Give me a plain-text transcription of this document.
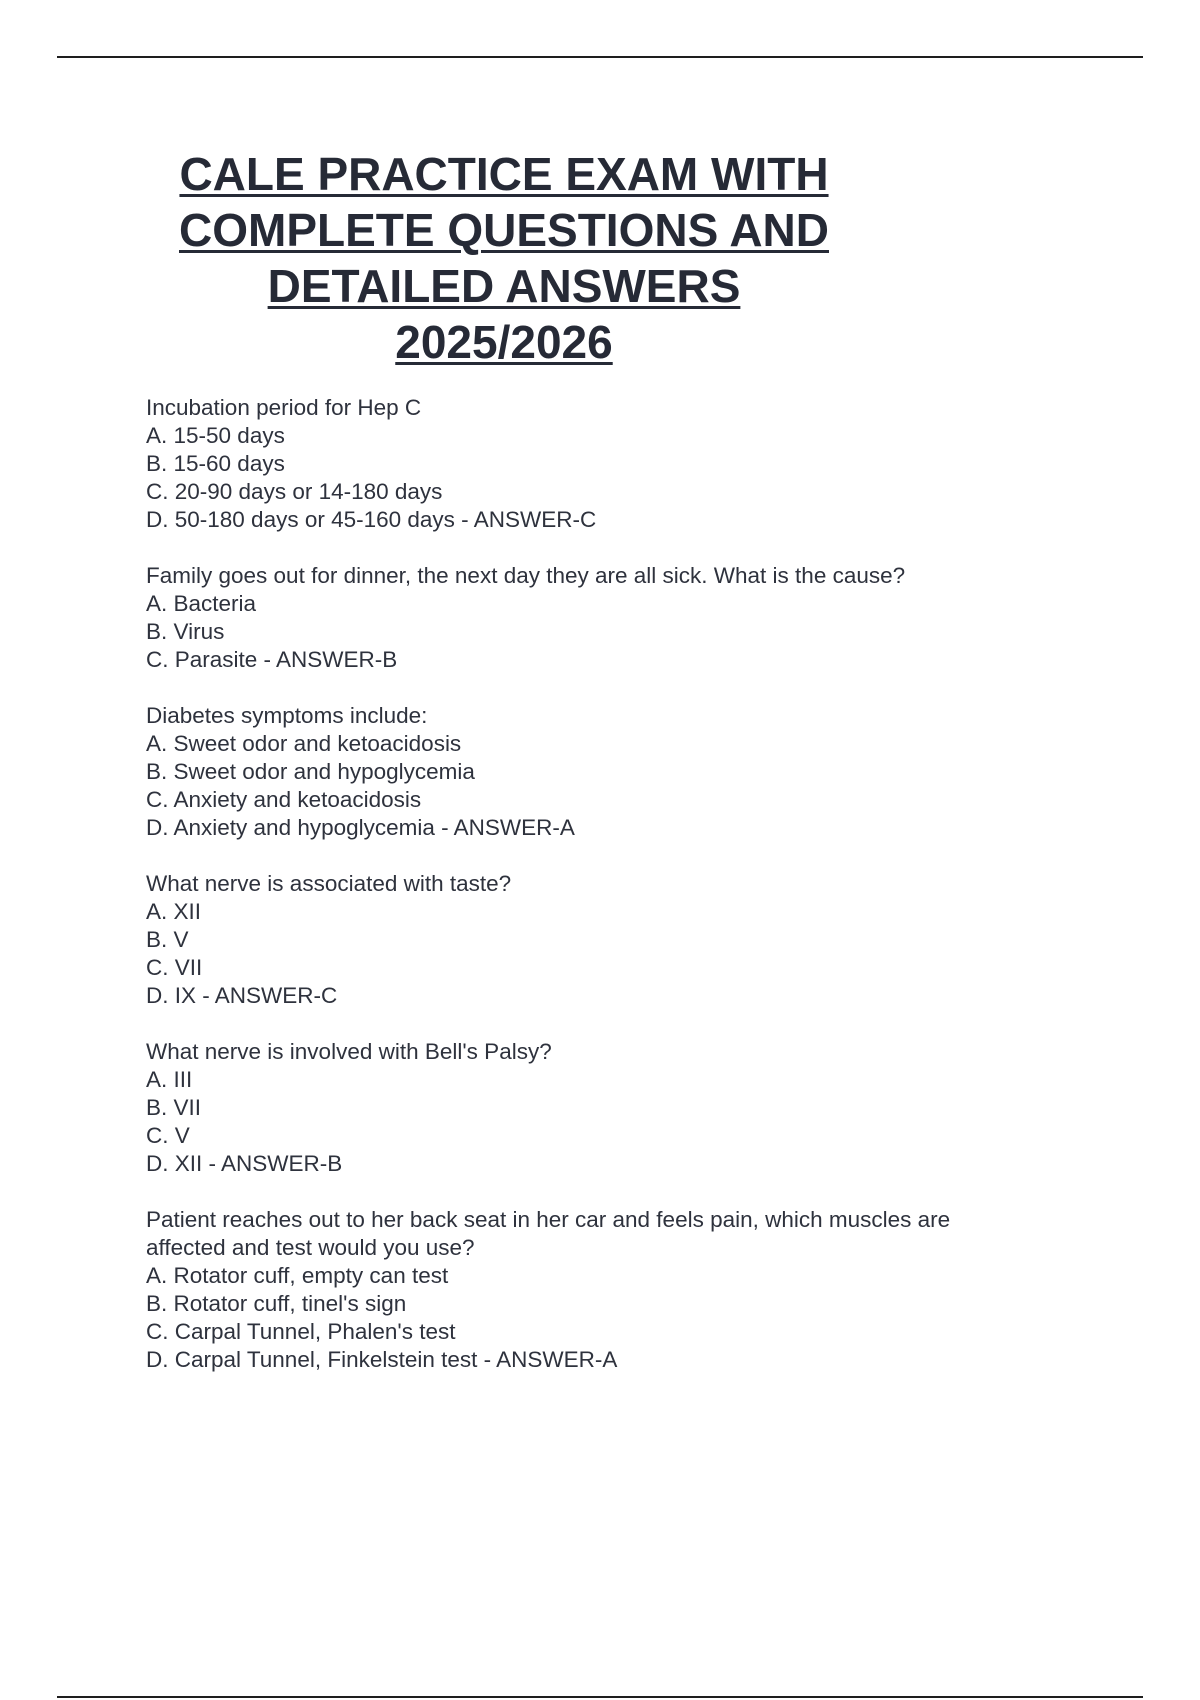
CALE PRACTICE EXAM WITH
COMPLETE QUESTIONS AND
DETAILED ANSWERS
2025/2026
Incubation period for Hep C
A. 15-50 days
B. 15-60 days
C. 20-90 days or 14-180 days
D. 50-180 days or 45-160 days - ANSWER-C
Family goes out for dinner, the next day they are all sick. What is the cause?
A. Bacteria
B. Virus
C. Parasite - ANSWER-B
Diabetes symptoms include:
A. Sweet odor and ketoacidosis
B. Sweet odor and hypoglycemia
C. Anxiety and ketoacidosis
D. Anxiety and hypoglycemia - ANSWER-A
What nerve is associated with taste?
A. XII
B. V
C. VII
D. IX - ANSWER-C
What nerve is involved with Bell's Palsy?
A. III
B. VII
C. V
D. XII - ANSWER-B
Patient reaches out to her back seat in her car and feels pain, which muscles are affected and test would you use?
A. Rotator cuff, empty can test
B. Rotator cuff, tinel's sign
C. Carpal Tunnel, Phalen's test
D. Carpal Tunnel, Finkelstein test - ANSWER-A
